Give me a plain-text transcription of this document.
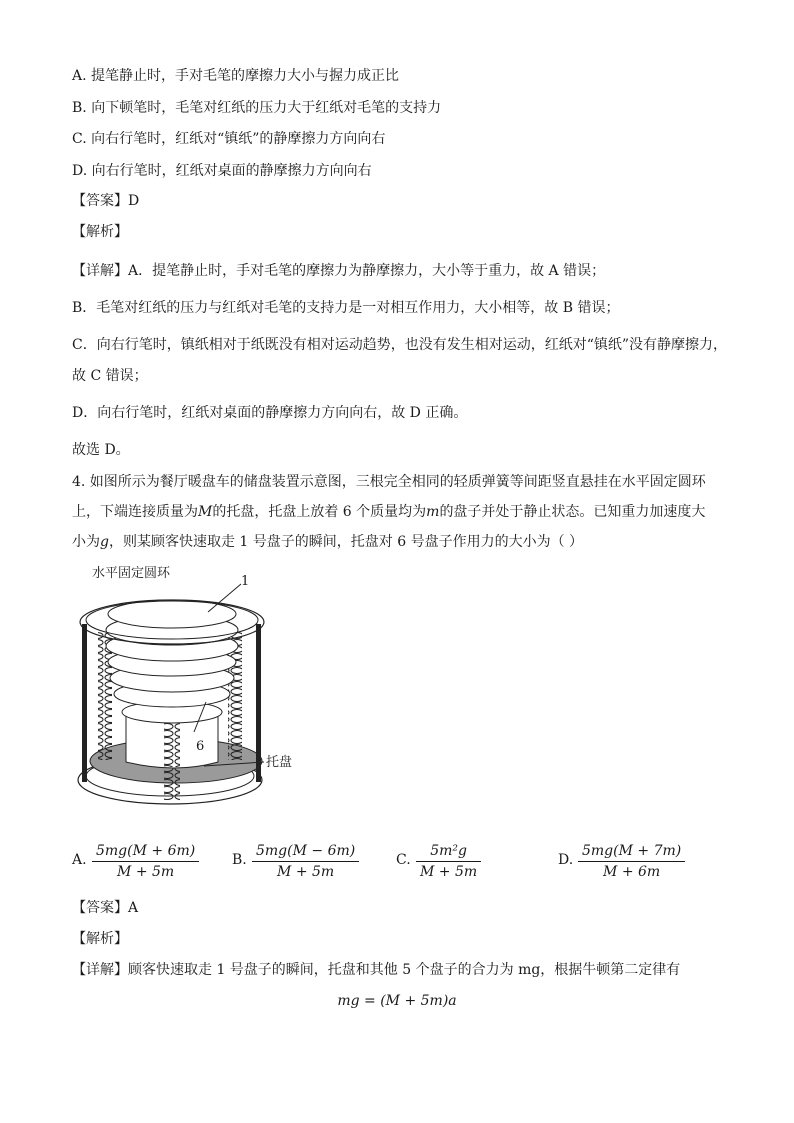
A. 提笔静止时，手对毛笔的摩擦力大小与握力成正比
B. 向下顿笔时，毛笔对红纸的压力大于红纸对毛笔的支持力
C. 向右行笔时，红纸对“镇纸”的静摩擦力方向向右
D. 向右行笔时，红纸对桌面的静摩擦力方向向右
【答案】D
【解析】
【详解】A．提笔静止时，手对毛笔的摩擦力为静摩擦力，大小等于重力，故 A 错误；
B．毛笔对红纸的压力与红纸对毛笔的支持力是一对相互作用力，大小相等，故 B 错误；
C．向右行笔时，镇纸相对于纸既没有相对运动趋势，也没有发生相对运动，红纸对“镇纸”没有静摩擦力，
故 C 错误；
D．向右行笔时，红纸对桌面的静摩擦力方向向右，故 D 正确。
故选 D。
4. 如图所示为餐厅暖盘车的储盘装置示意图，三根完全相同的轻质弹簧等间距竖直悬挂在水平固定圆环
上，下端连接质量为M的托盘，托盘上放着 6 个质量均为m的盘子并处于静止状态。已知重力加速度大
小为g，则某顾客快速取走 1 号盘子的瞬间，托盘对 6 号盘子作用力的大小为（ ）
水平固定圆环
1
6
托盘
A.
5mg(M + 6m)
M + 5m
B.
5mg(M − 6m)
M + 5m
C.
5m²g
M + 5m
D.
5mg(M + 7m)
M + 6m
【答案】A
【解析】
【详解】顾客快速取走 1 号盘子的瞬间，托盘和其他 5 个盘子的合力为 mg，根据牛顿第二定律有
mg = (M + 5m)a
